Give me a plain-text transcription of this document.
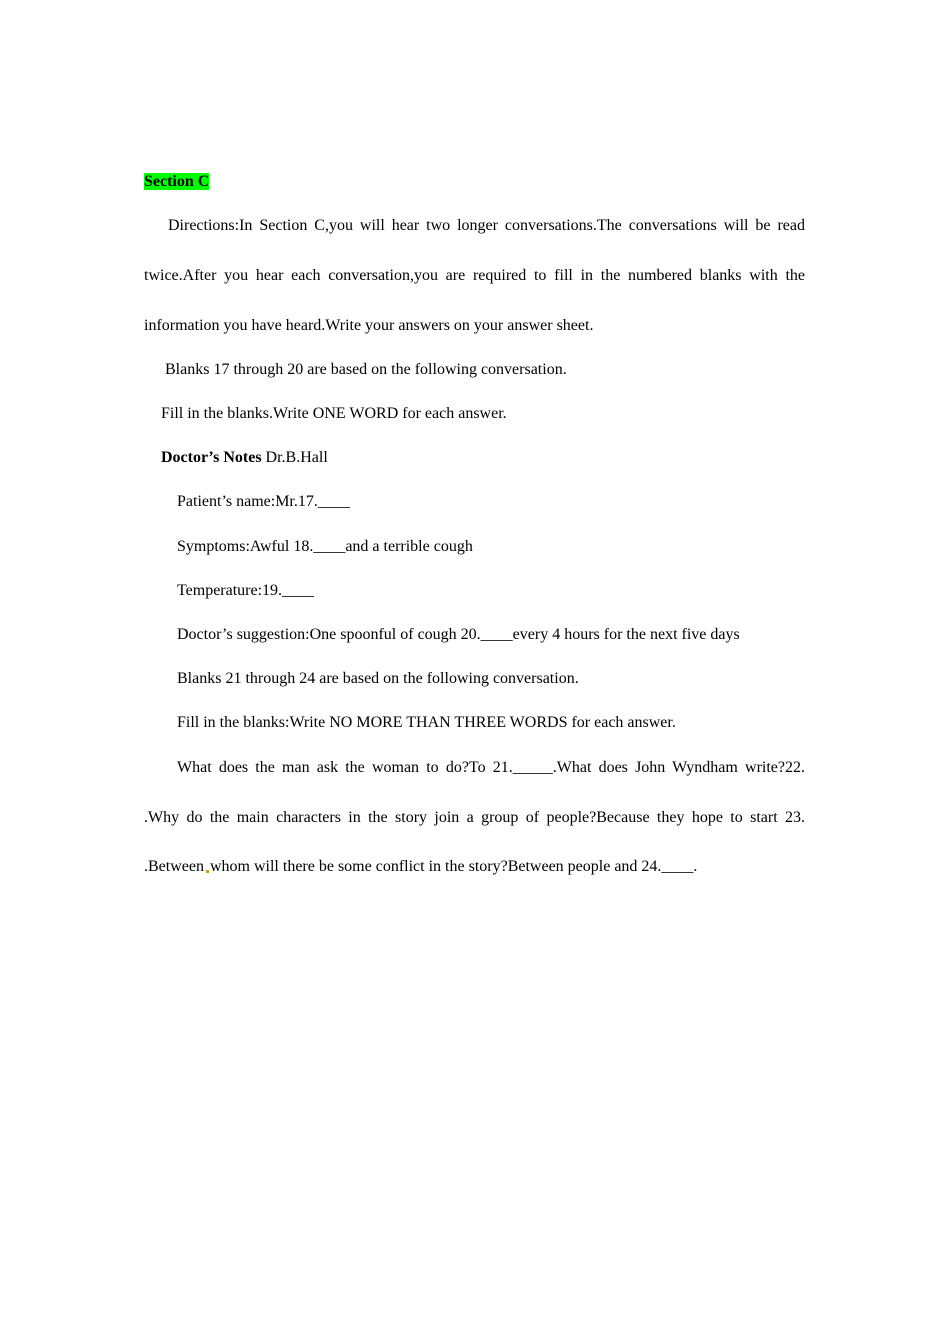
Section C
Directions:In Section C,you will hear two longer conversations.The conversations will be read
twice.After you hear each conversation,you are required to fill in the numbered blanks with the
information you have heard.Write your answers on your answer sheet.
Blanks 17 through 20 are based on the following conversation.
Fill in the blanks.Write ONE WORD for each answer.
Doctor’s Notes Dr.B.Hall
Patient’s name:Mr.17.____
Symptoms:Awful 18.____and a terrible cough
Temperature:19.____
Doctor’s suggestion:One spoonful of cough 20.____every 4 hours for the next five days
Blanks 21 through 24 are based on the following conversation.
Fill in the blanks:Write NO MORE THAN THREE WORDS for each answer.
What does the man ask the woman to do?To 21._____.What does John Wyndham write?22.
.Why do the main characters in the story join a group of people?Because they hope to start 23.
.Between whom will there be some conflict in the story?Between people and 24.____.
